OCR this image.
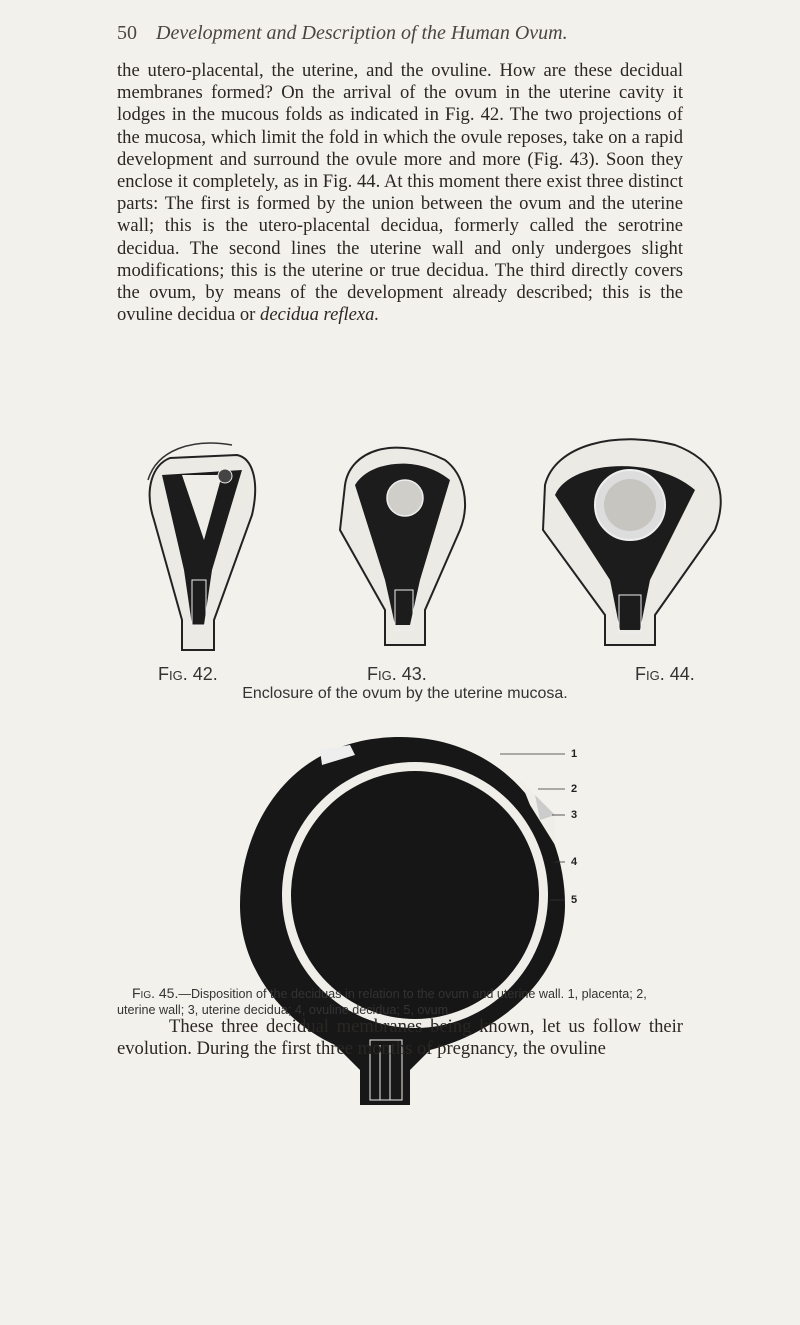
50 Development and Description of the Human Ovum.

the utero-placental, the uterine, and the ovuline. How are these decidual membranes formed? On the arrival of the ovum in the uterine cavity it lodges in the mucous folds as indicated in Fig. 42. The two projections of the mucosa, which limit the fold in which the ovule reposes, take on a rapid development and surround the ovule more and more (Fig. 43). Soon they enclose it completely, as in Fig. 44. At this moment there exist three distinct parts: The first is formed by the union between the ovum and the uterine wall; this is the utero-placental decidua, formerly called the serotrine decidua. The second lines the uterine wall and only undergoes slight modifications; this is the uterine or true decidua. The third directly covers the ovum, by means of the development already described; this is the ovuline decidua or decidua reflexa.

Fig. 42.	Fig. 43.	Fig. 44.
Enclosure of the ovum by the uterine mucosa.
1
2
3
4
5

Fig. 45.—Disposition of the deciduas in relation to the ovum and uterine wall. 1, placenta; 2, uterine wall; 3, uterine decidua; 4, ovuline decidua; 5, ovum.

These three decidual membranes being known, let us follow their evolution. During the first three months of pregnancy, the ovuline
